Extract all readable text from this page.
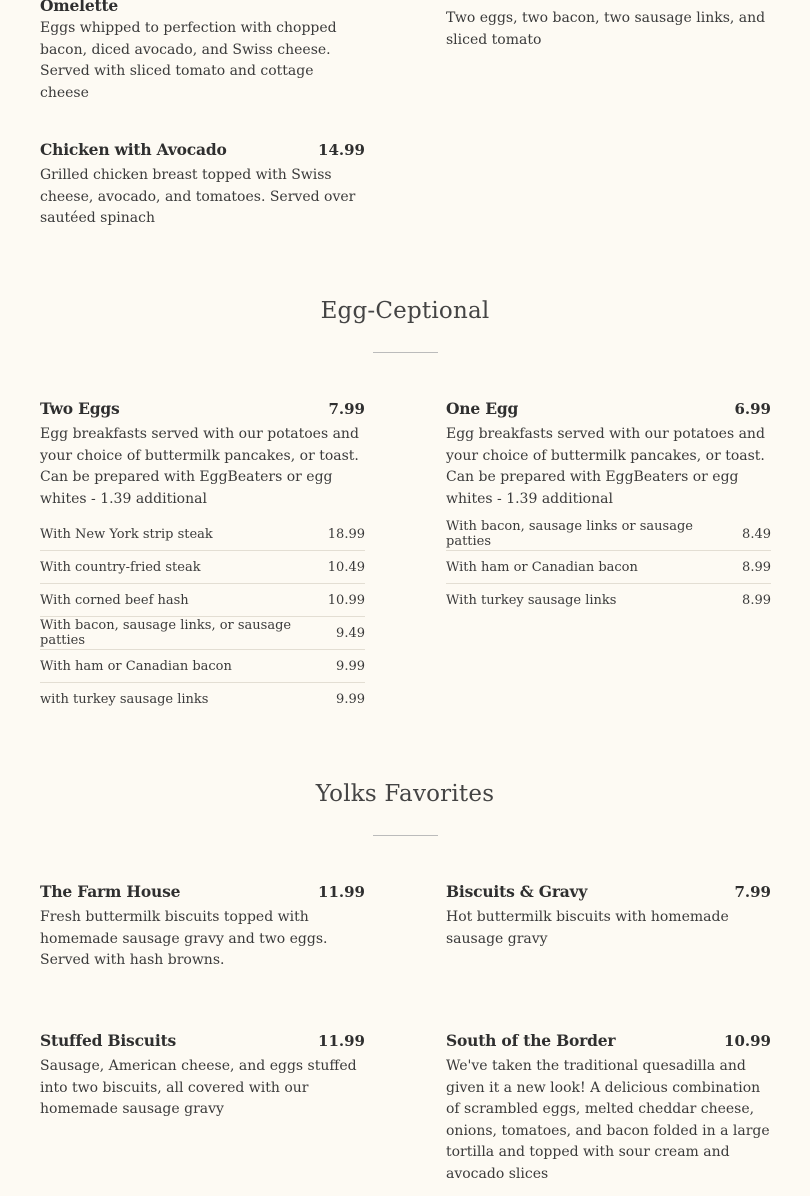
Omelette
Eggs whipped to perfection with chopped bacon, diced avocado, and Swiss cheese. Served with sliced tomato and cottage cheese
Two eggs, two bacon, two sausage links, and sliced tomato
Chicken with Avocado	14.99
Grilled chicken breast topped with Swiss cheese, avocado, and tomatoes. Served over sautéed spinach
Egg-Ceptional
Two Eggs	7.99
Egg breakfasts served with our potatoes and your choice of buttermilk pancakes, or toast. Can be prepared with EggBeaters or egg whites - 1.39 additional
With New York strip steak	18.99
With country-fried steak	10.49
With corned beef hash	10.99
With bacon, sausage links, or sausage patties	9.49
With ham or Canadian bacon	9.99
with turkey sausage links	9.99
One Egg	6.99
Egg breakfasts served with our potatoes and your choice of buttermilk pancakes, or toast. Can be prepared with EggBeaters or egg whites - 1.39 additional
With bacon, sausage links or sausage patties	8.49
With ham or Canadian bacon	8.99
With turkey sausage links	8.99
Yolks Favorites
The Farm House	11.99
Fresh buttermilk biscuits topped with homemade sausage gravy and two eggs. Served with hash browns.
Biscuits & Gravy	7.99
Hot buttermilk biscuits with homemade sausage gravy
Stuffed Biscuits	11.99
Sausage, American cheese, and eggs stuffed into two biscuits, all covered with our homemade sausage gravy
South of the Border	10.99
We've taken the traditional quesadilla and given it a new look! A delicious combination of scrambled eggs, melted cheddar cheese, onions, tomatoes, and bacon folded in a large tortilla and topped with sour cream and avocado slices
